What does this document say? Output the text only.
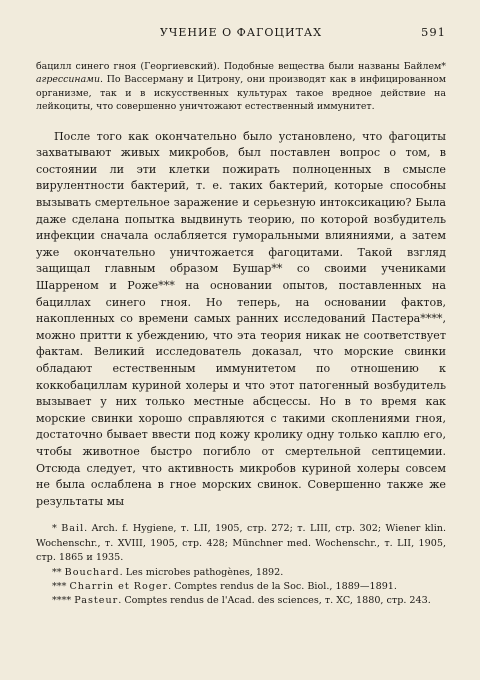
УЧЕНИЕ О ФАГОЦИТАХ	591

бацилл синего гноя (Георгиевский). Подобные вещества были названы Байлем* агрессинами. По Вассерману и Цитрону, они производят как в инфицированном организме, так и в искусственных культурах такое вредное действие на лейкоциты, что совершенно уничтожают естественный иммунитет.

После того как окончательно было установлено, что фагоциты захватывают живых микробов, был поставлен вопрос о том, в состоянии ли эти клетки пожирать полноценных в смысле вирулентности бактерий, т. е. таких бактерий, которые способны вызывать смертельное заражение и серьезную интоксикацию? Была даже сделана попытка выдвинуть теорию, по которой возбудитель инфекции сначала ослабляется гуморальными влияниями, а затем уже окончательно уничтожается фагоцитами. Такой взгляд защищал главным образом Бушар** со своими учениками Шарреном и Роже*** на основании опытов, поставленных на бациллах синего гноя. Но теперь, на основании фактов, накопленных со времени самых ранних исследований Пастера****, можно притти к убеждению, что эта теория никак не соответствует фактам. Великий исследователь доказал, что морские свинки обладают естественным иммунитетом по отношению к коккобациллам куриной холеры и что этот патогенный возбудитель вызывает у них только местные абсцессы. Но в то время как морские свинки хорошо справляются с такими скоплениями гноя, достаточно бывает ввести под кожу кролику одну только каплю его, чтобы животное быстро погибло от смертельной септицемии. Отсюда следует, что активность микробов куриной холеры совсем не была ослаблена в гное морских свинок. Совершенно также же результаты мы

* Bail. Arch. f. Hygiene, т. LII, 1905, стр. 272; т. LIII, стр. 302; Wiener klin. Wochenschr., т. XVIII, 1905, стр. 428; Münchner med. Wochenschr., т. LII, 1905, стр. 1865 и 1935.

** Bouchard. Les microbes pathogènes, 1892.

*** Charrin et Roger. Comptes rendus de la Soc. Biol., 1889—1891.

**** Pasteur. Comptes rendus de l'Acad. des sciences, т. XC, 1880, стр. 243.
